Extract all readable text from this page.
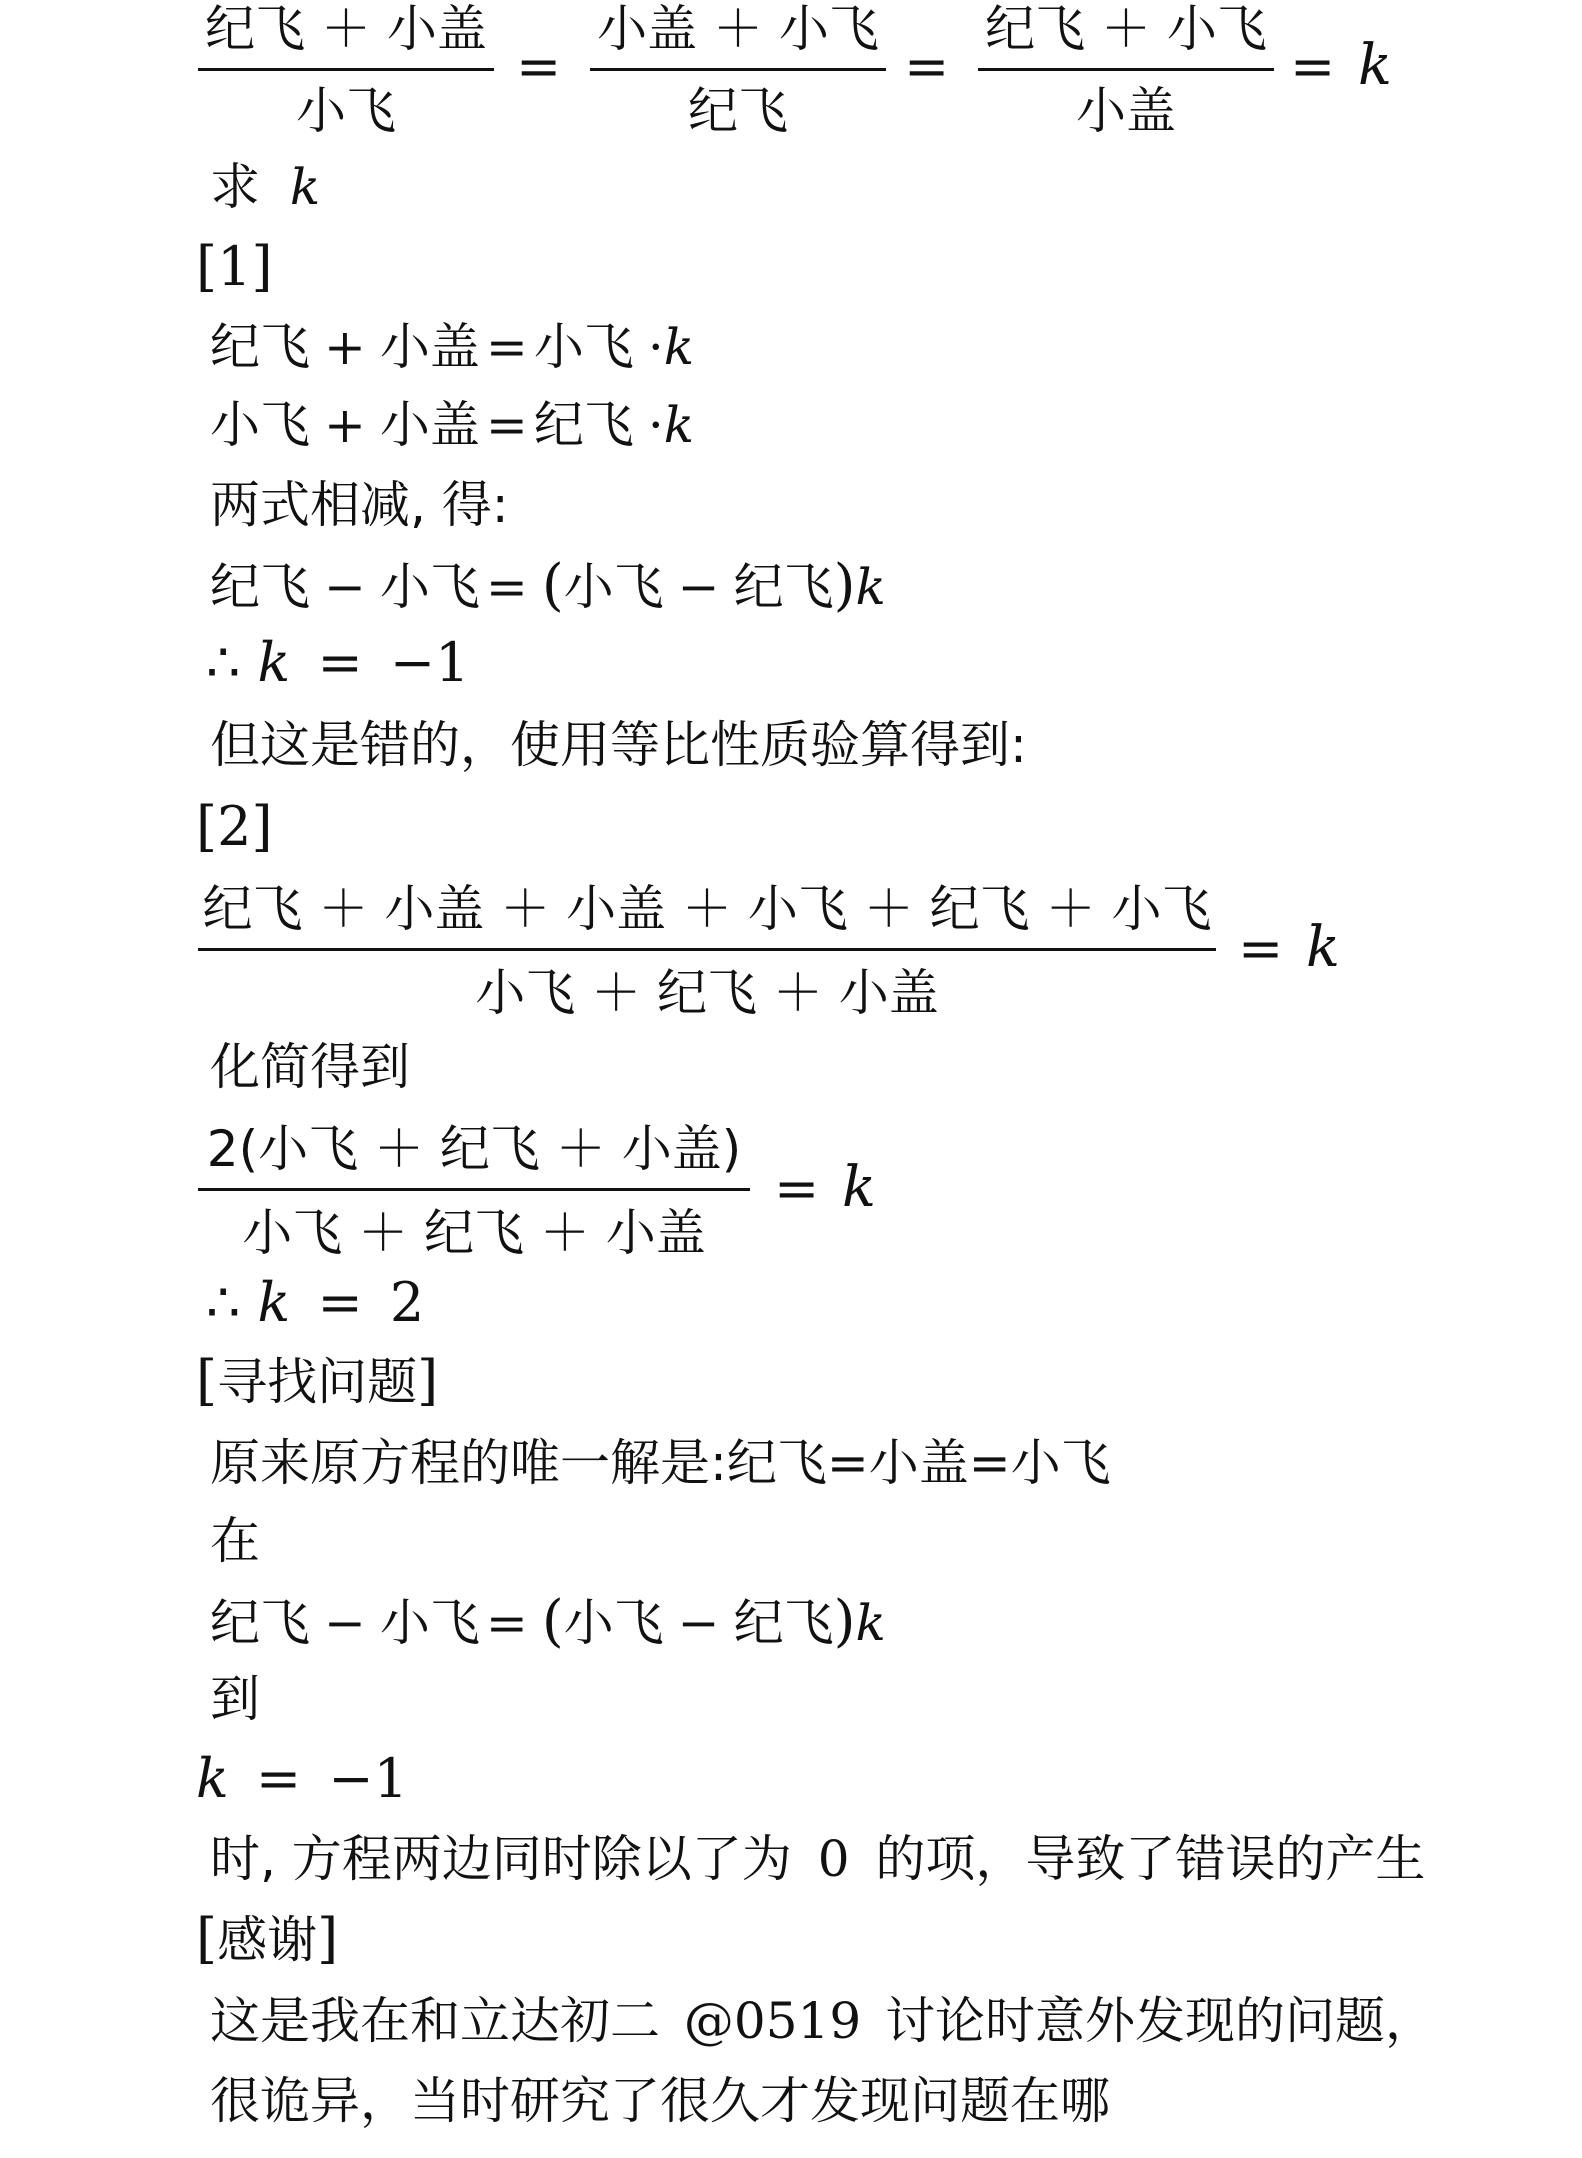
纪飞 ＋ 小盖
小飞
=
小盖 ＋ 小飞
纪飞
=
纪飞 ＋ 小飞
小盖
= k
求 k
[1]
纪飞 + 小盖 = 小飞 ·k
小飞 + 小盖 = 纪飞 ·k
两式相减, 得:
纪飞 − 小飞 = (小飞 − 纪飞)k
∴ k = −1
但这是错的，使用等比性质验算得到:
[2]
纪飞 ＋ 小盖 ＋ 小盖 ＋ 小飞 ＋ 纪飞 ＋ 小飞
小飞 ＋ 纪飞 ＋ 小盖
= k
化简得到
2(小飞 ＋ 纪飞 ＋ 小盖)
小飞 ＋ 纪飞 ＋ 小盖
= k
∴ k = 2
[寻找问题]
原来原方程的唯一解是:纪飞=小盖=小飞
在
纪飞 − 小飞 = (小飞 − 纪飞)k
到
k = −1
时, 方程两边同时除以了为 0 的项，导致了错误的产生
[感谢]
这是我在和立达初二 @0519 讨论时意外发现的问题，
很诡异，当时研究了很久才发现问题在哪
